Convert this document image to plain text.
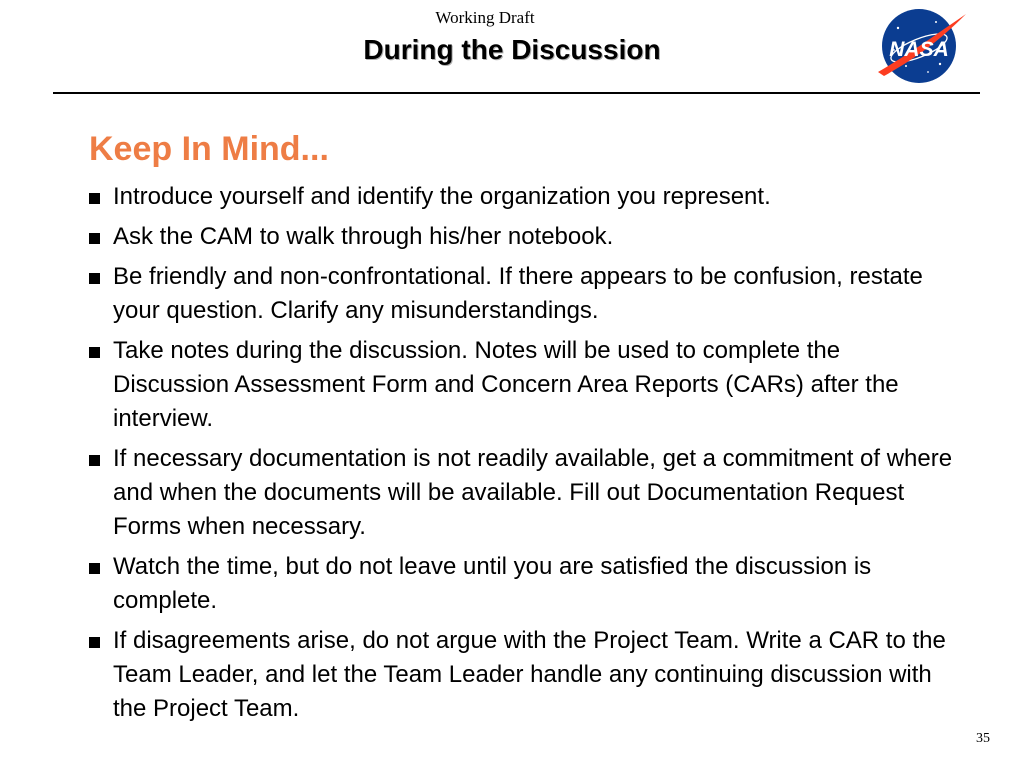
Working Draft
During the Discussion	NASA
Keep In Mind...
Introduce yourself and identify the organization you represent.
Ask the CAM to walk through his/her notebook.
Be friendly and non-confrontational. If there appears to be confusion, restate your question. Clarify any misunderstandings.
Take notes during the discussion. Notes will be used to complete the Discussion Assessment Form and Concern Area Reports (CARs) after the interview.
If necessary documentation is not readily available, get a commitment of where and when the documents will be available. Fill out Documentation Request Forms when necessary.
Watch the time, but do not leave until you are satisfied the discussion is complete.
If disagreements arise, do not argue with the Project Team. Write a CAR to the Team Leader, and let the Team Leader handle any continuing discussion with the Project Team.
35
